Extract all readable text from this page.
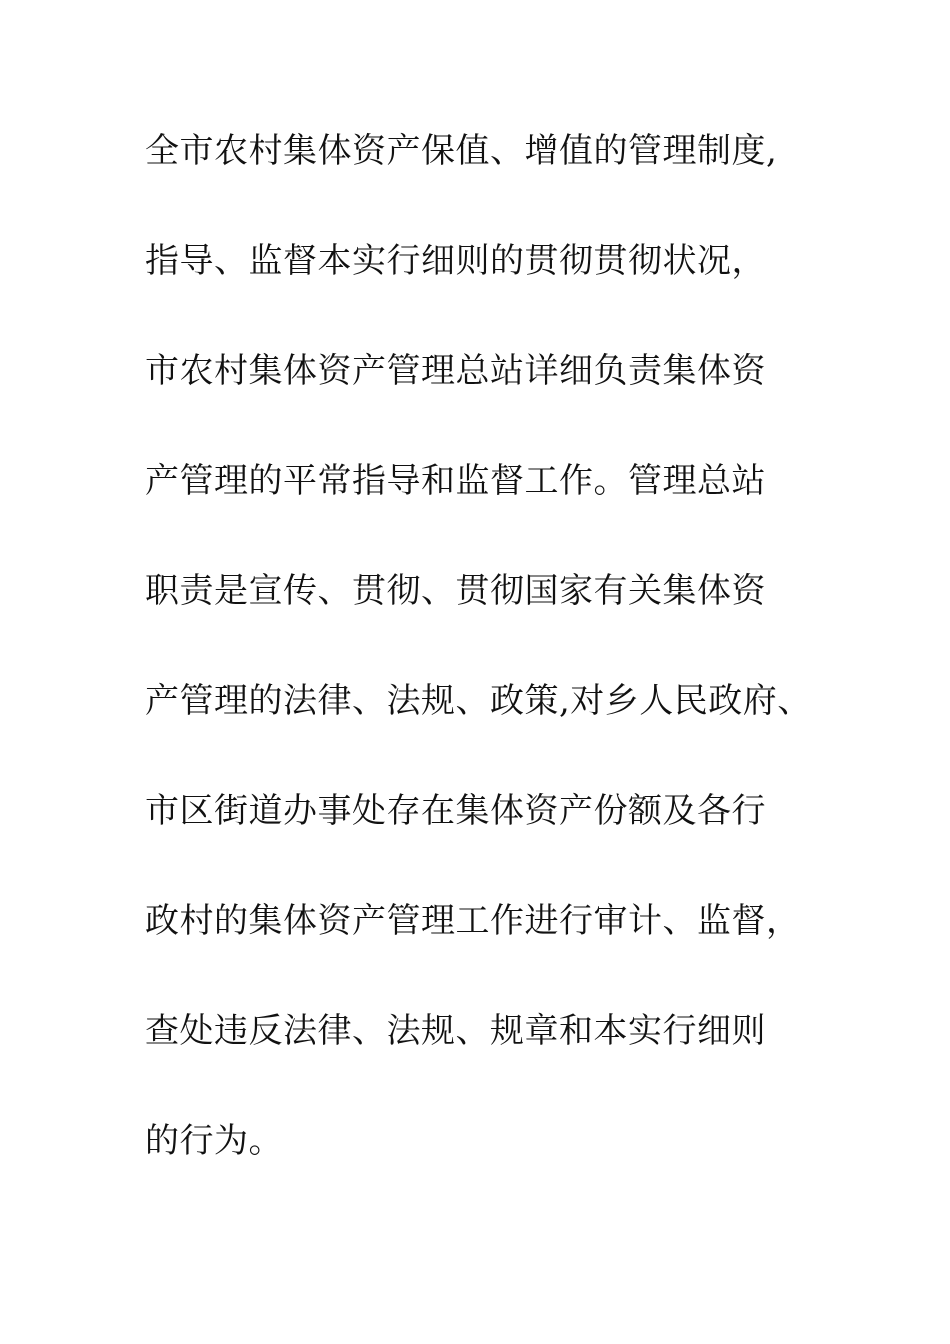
全市农村集体资产保值、增值的管理制度,
指导、监督本实行细则的贯彻贯彻状况，
市农村集体资产管理总站详细负责集体资
产管理的平常指导和监督工作。管理总站
职责是宣传、贯彻、贯彻国家有关集体资
产管理的法律、法规、政策,对乡人民政府、
市区街道办事处存在集体资产份额及各行
政村的集体资产管理工作进行审计、监督，
查处违反法律、法规、规章和本实行细则
的行为。
